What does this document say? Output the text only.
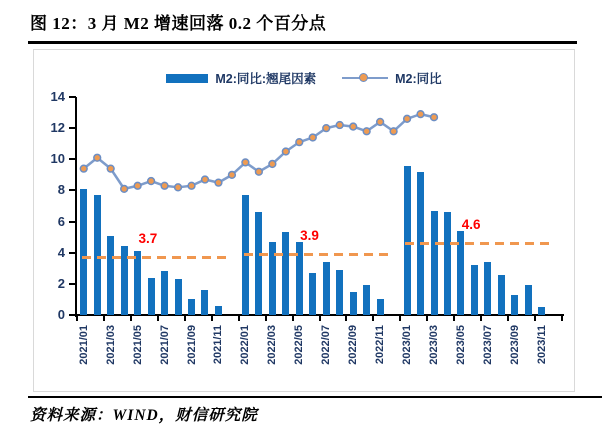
图 12：3 月 M2 增速回落 0.2 个百分点
M2:同比:翘尾因素	M2:同比
0
2
4
6
8
10
12
14
2021/01 2021/03 2021/05 2021/07 2021/09 2021/11 2022/01 2022/03 2022/05 2022/07 2022/09 2022/11 2023/01 2023/03 2023/05 2023/07 2023/09 2023/11
3.7	3.9
4.6
资料来源：WIND，财信研究院
